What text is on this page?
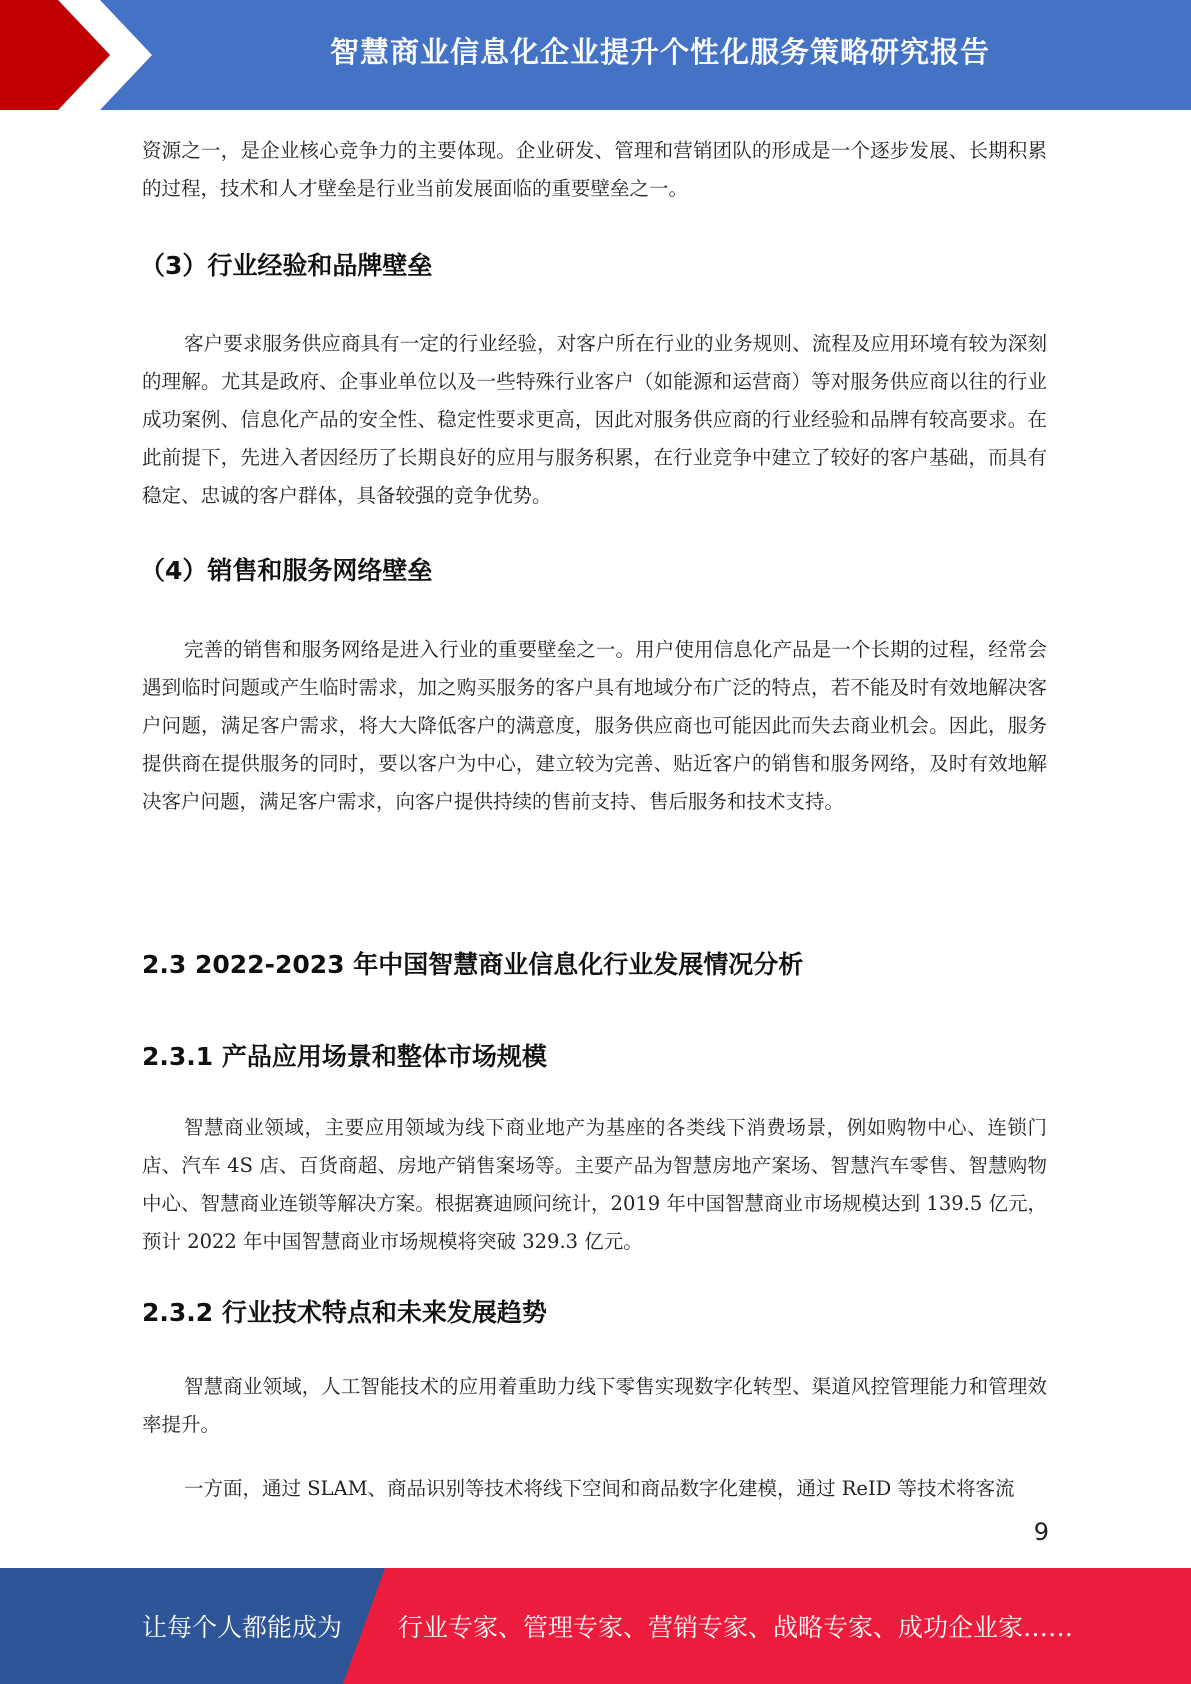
智慧商业信息化企业提升个性化服务策略研究报告

资源之一，是企业核心竞争力的主要体现。企业研发、管理和营销团队的形成是一个逐步发展、长期积累的过程，技术和人才壁垒是行业当前发展面临的重要壁垒之一。

（3）行业经验和品牌壁垒

客户要求服务供应商具有一定的行业经验，对客户所在行业的业务规则、流程及应用环境有较为深刻的理解。尤其是政府、企事业单位以及一些特殊行业客户（如能源和运营商）等对服务供应商以往的行业成功案例、信息化产品的安全性、稳定性要求更高，因此对服务供应商的行业经验和品牌有较高要求。在此前提下，先进入者因经历了长期良好的应用与服务积累，在行业竞争中建立了较好的客户基础，而具有稳定、忠诚的客户群体，具备较强的竞争优势。

（4）销售和服务网络壁垒

完善的销售和服务网络是进入行业的重要壁垒之一。用户使用信息化产品是一个长期的过程，经常会遇到临时问题或产生临时需求，加之购买服务的客户具有地域分布广泛的特点，若不能及时有效地解决客户问题，满足客户需求，将大大降低客户的满意度，服务供应商也可能因此而失去商业机会。因此，服务提供商在提供服务的同时，要以客户为中心，建立较为完善、贴近客户的销售和服务网络，及时有效地解决客户问题，满足客户需求，向客户提供持续的售前支持、售后服务和技术支持。

2.3 2022-2023 年中国智慧商业信息化行业发展情况分析
2.3.1 产品应用场景和整体市场规模

智慧商业领域，主要应用领域为线下商业地产为基座的各类线下消费场景，例如购物中心、连锁门店、汽车 4S 店、百货商超、房地产销售案场等。主要产品为智慧房地产案场、智慧汽车零售、智慧购物中心、智慧商业连锁等解决方案。根据赛迪顾问统计，2019 年中国智慧商业市场规模达到 139.5 亿元，预计 2022 年中国智慧商业市场规模将突破 329.3 亿元。

2.3.2 行业技术特点和未来发展趋势

智慧商业领域，人工智能技术的应用着重助力线下零售实现数字化转型、渠道风控管理能力和管理效率提升。

一方面，通过 SLAM、商品识别等技术将线下空间和商品数字化建模，通过 ReID 等技术将客流

9
让每个人都能成为 行业专家、管理专家、营销专家、战略专家、成功企业家……
